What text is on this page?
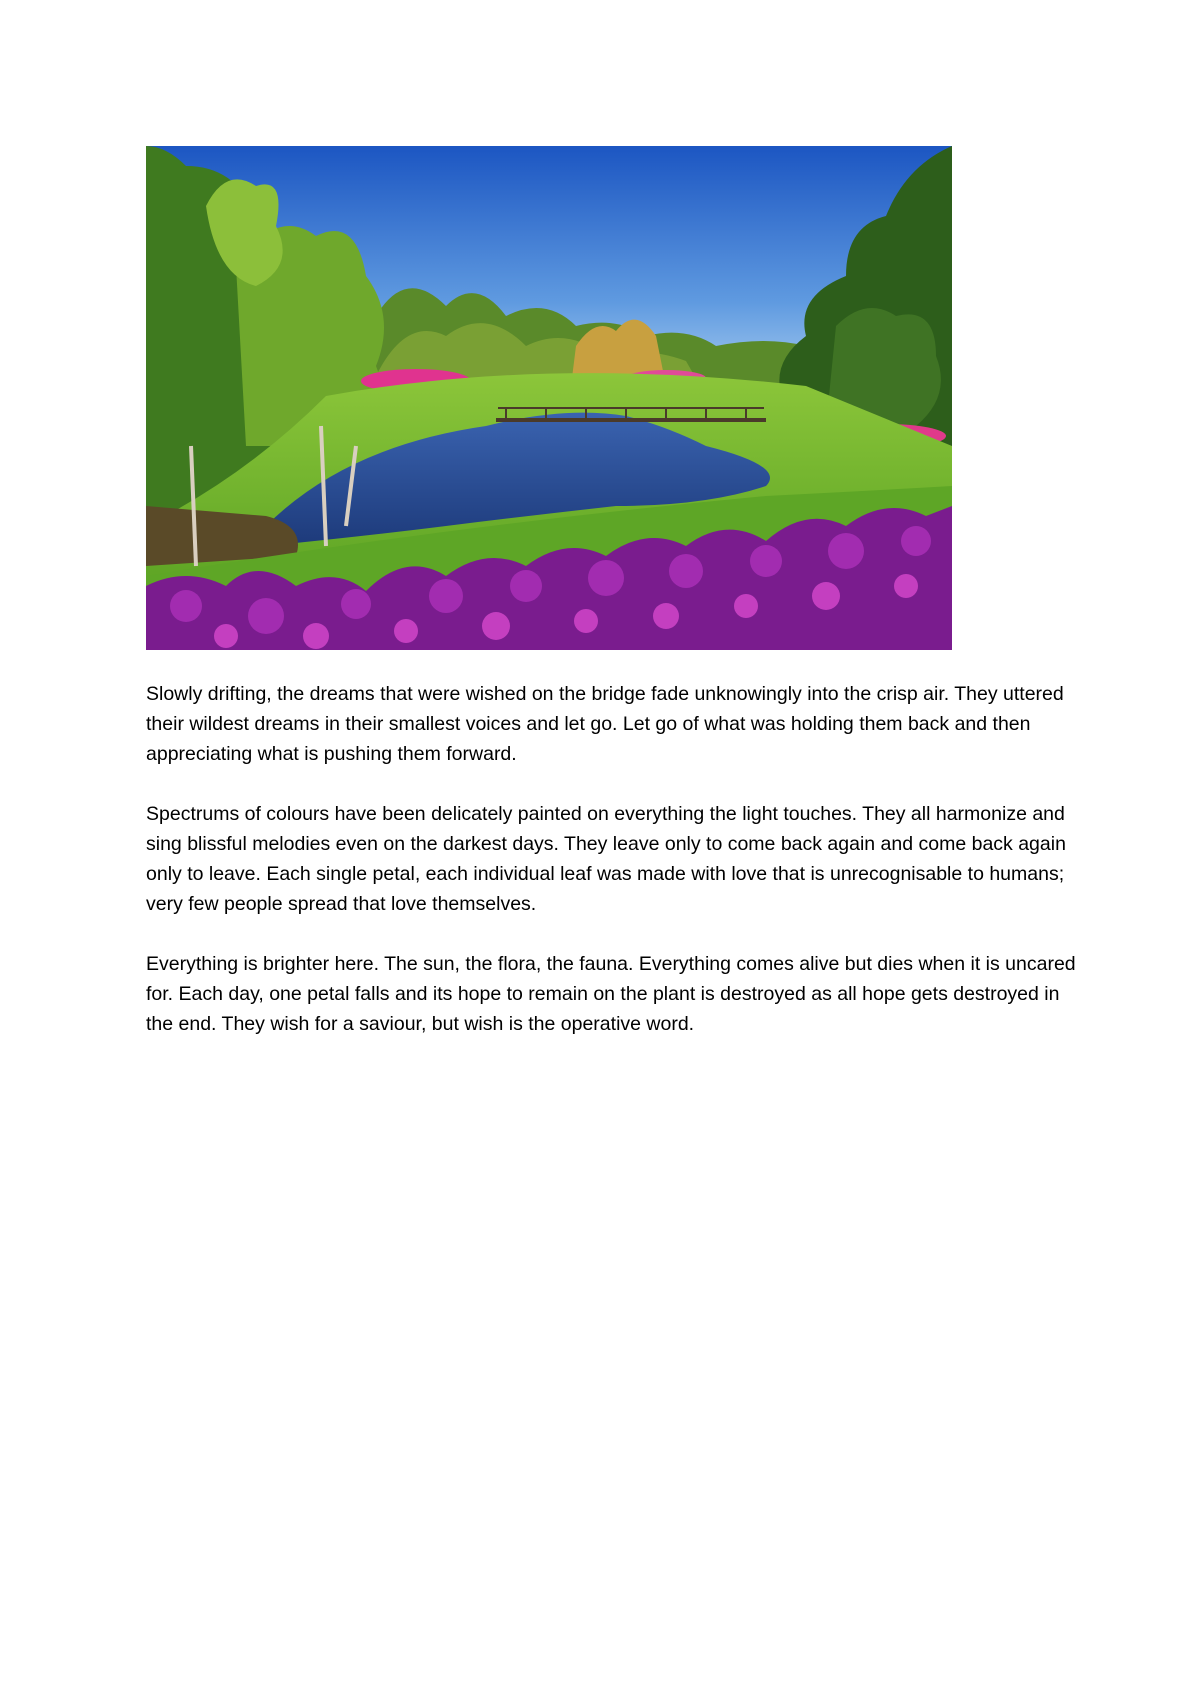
Slowly drifting, the dreams that were wished on the bridge fade unknowingly into the crisp air. They uttered their wildest dreams in their smallest voices and let go. Let go of what was holding them back and then appreciating what is pushing them forward.

Spectrums of colours have been delicately painted on everything the light touches. They all harmonize and sing blissful melodies even on the darkest days. They leave only to come back again and come back again only to leave. Each single petal, each individual leaf was made with love that is unrecognisable to humans; very few people spread that love themselves.

Everything is brighter here. The sun, the flora, the fauna. Everything comes alive but dies when it is uncared for. Each day, one petal falls and its hope to remain on the plant is destroyed as all hope gets destroyed in the end. They wish for a saviour, but wish is the operative word.
